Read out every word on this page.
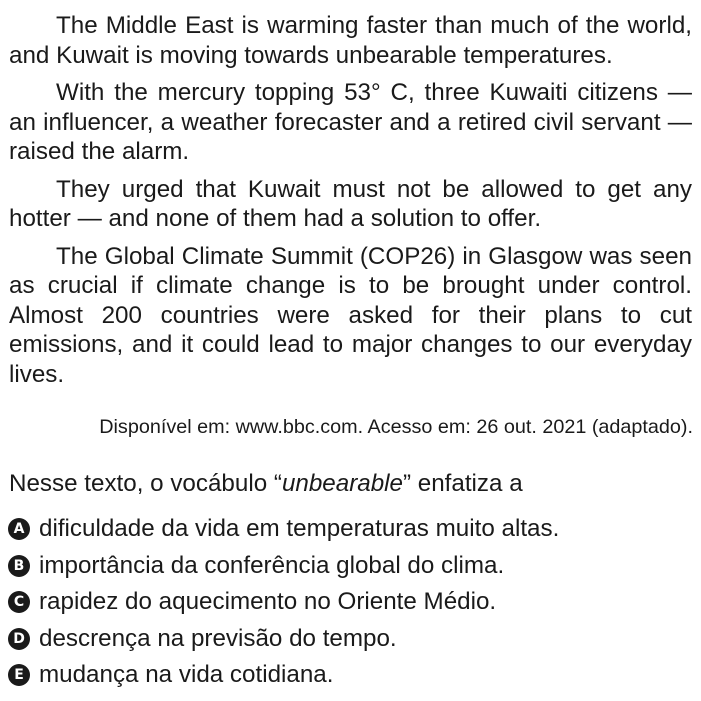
The Middle East is warming faster than much of the world, and Kuwait is moving towards unbearable temperatures.

With the mercury topping 53° C, three Kuwaiti citizens — an influencer, a weather forecaster and a retired civil servant — raised the alarm.

They urged that Kuwait must not be allowed to get any hotter — and none of them had a solution to offer.

The Global Climate Summit (COP26) in Glasgow was seen as crucial if climate change is to be brought under control. Almost 200 countries were asked for their plans to cut emissions, and it could lead to major changes to our everyday lives.

Disponível em: www.bbc.com. Acesso em: 26 out. 2021 (adaptado).
Nesse texto, o vocábulo “unbearable” enfatiza a
A dificuldade da vida em temperaturas muito altas.
B importância da conferência global do clima.
C rapidez do aquecimento no Oriente Médio.
D descrença na previsão do tempo.
E mudança na vida cotidiana.
